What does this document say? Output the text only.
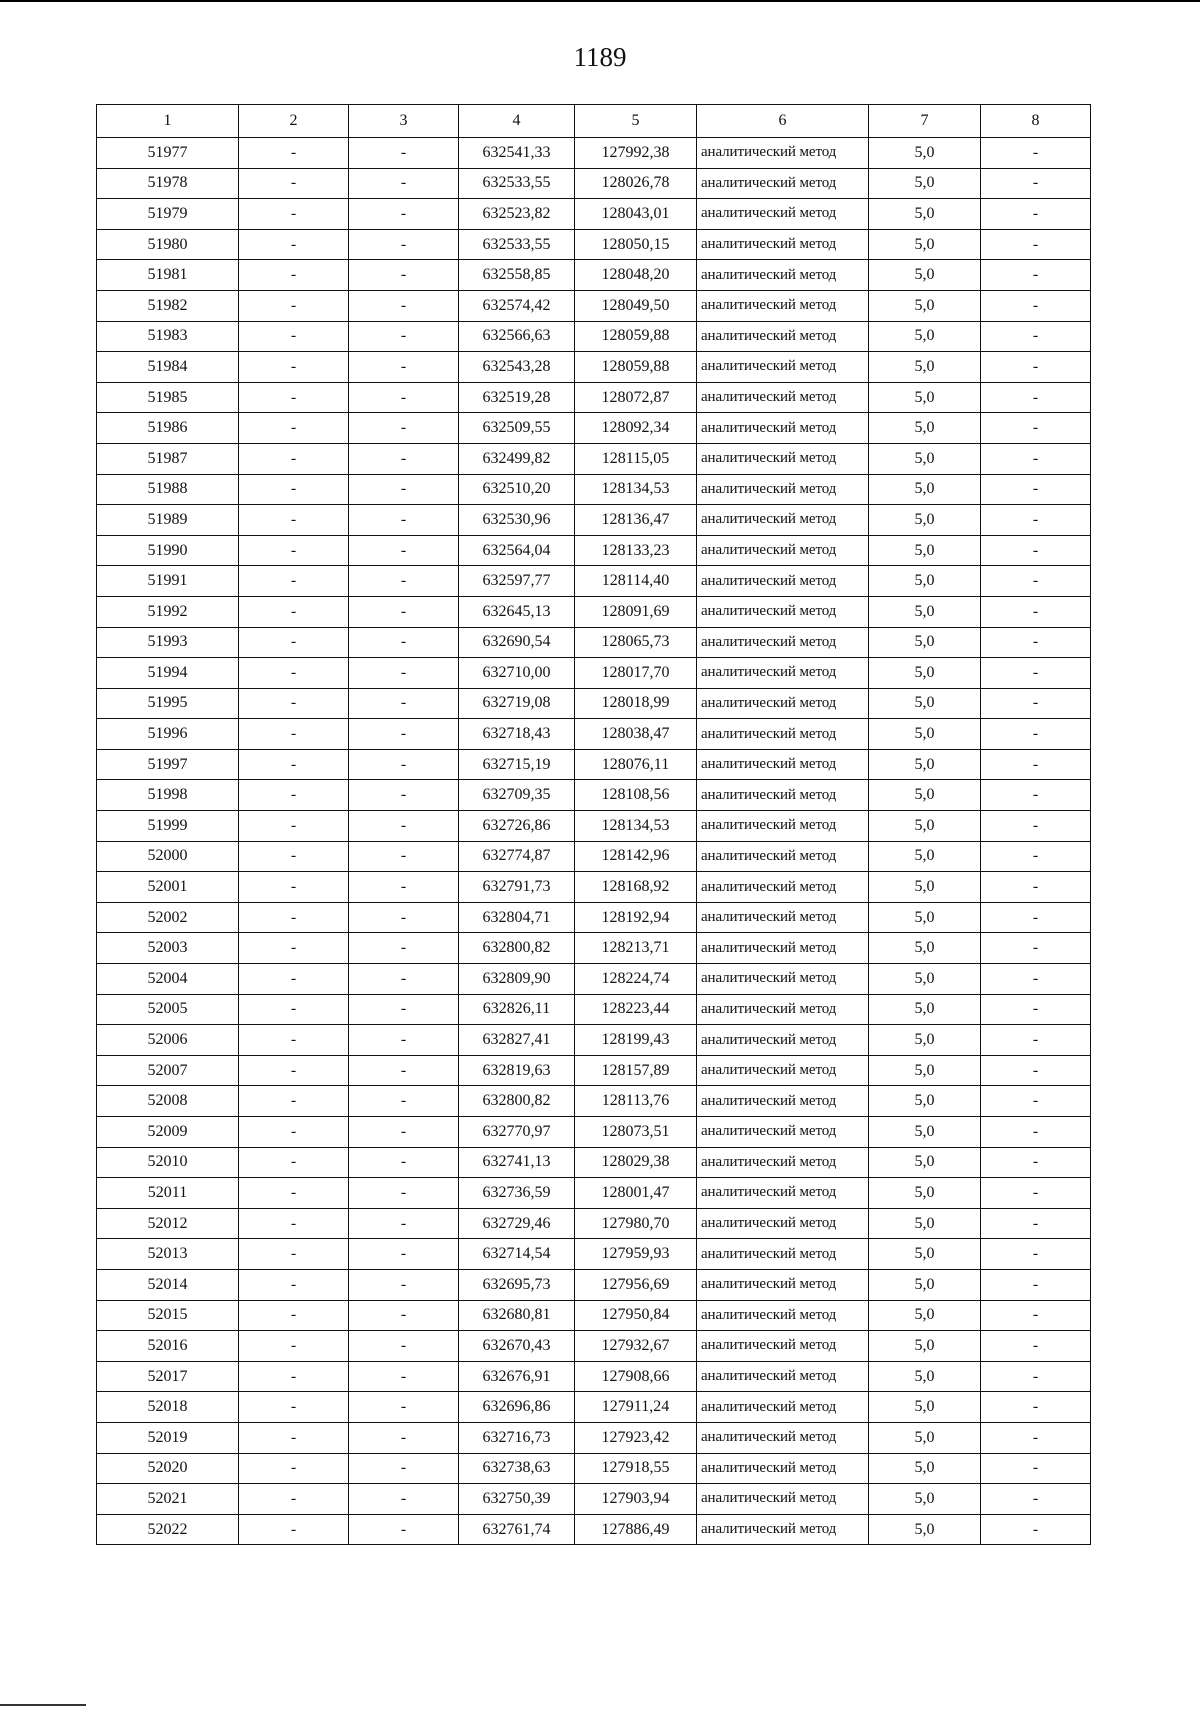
1189
1	2	3	4	5	6	7	8
51977	-	-	632541,33	127992,38	аналитический метод	5,0	-
51978	-	-	632533,55	128026,78	аналитический метод	5,0	-
51979	-	-	632523,82	128043,01	аналитический метод	5,0	-
51980	-	-	632533,55	128050,15	аналитический метод	5,0	-
51981	-	-	632558,85	128048,20	аналитический метод	5,0	-
51982	-	-	632574,42	128049,50	аналитический метод	5,0	-
51983	-	-	632566,63	128059,88	аналитический метод	5,0	-
51984	-	-	632543,28	128059,88	аналитический метод	5,0	-
51985	-	-	632519,28	128072,87	аналитический метод	5,0	-
51986	-	-	632509,55	128092,34	аналитический метод	5,0	-
51987	-	-	632499,82	128115,05	аналитический метод	5,0	-
51988	-	-	632510,20	128134,53	аналитический метод	5,0	-
51989	-	-	632530,96	128136,47	аналитический метод	5,0	-
51990	-	-	632564,04	128133,23	аналитический метод	5,0	-
51991	-	-	632597,77	128114,40	аналитический метод	5,0	-
51992	-	-	632645,13	128091,69	аналитический метод	5,0	-
51993	-	-	632690,54	128065,73	аналитический метод	5,0	-
51994	-	-	632710,00	128017,70	аналитический метод	5,0	-
51995	-	-	632719,08	128018,99	аналитический метод	5,0	-
51996	-	-	632718,43	128038,47	аналитический метод	5,0	-
51997	-	-	632715,19	128076,11	аналитический метод	5,0	-
51998	-	-	632709,35	128108,56	аналитический метод	5,0	-
51999	-	-	632726,86	128134,53	аналитический метод	5,0	-
52000	-	-	632774,87	128142,96	аналитический метод	5,0	-
52001	-	-	632791,73	128168,92	аналитический метод	5,0	-
52002	-	-	632804,71	128192,94	аналитический метод	5,0	-
52003	-	-	632800,82	128213,71	аналитический метод	5,0	-
52004	-	-	632809,90	128224,74	аналитический метод	5,0	-
52005	-	-	632826,11	128223,44	аналитический метод	5,0	-
52006	-	-	632827,41	128199,43	аналитический метод	5,0	-
52007	-	-	632819,63	128157,89	аналитический метод	5,0	-
52008	-	-	632800,82	128113,76	аналитический метод	5,0	-
52009	-	-	632770,97	128073,51	аналитический метод	5,0	-
52010	-	-	632741,13	128029,38	аналитический метод	5,0	-
52011	-	-	632736,59	128001,47	аналитический метод	5,0	-
52012	-	-	632729,46	127980,70	аналитический метод	5,0	-
52013	-	-	632714,54	127959,93	аналитический метод	5,0	-
52014	-	-	632695,73	127956,69	аналитический метод	5,0	-
52015	-	-	632680,81	127950,84	аналитический метод	5,0	-
52016	-	-	632670,43	127932,67	аналитический метод	5,0	-
52017	-	-	632676,91	127908,66	аналитический метод	5,0	-
52018	-	-	632696,86	127911,24	аналитический метод	5,0	-
52019	-	-	632716,73	127923,42	аналитический метод	5,0	-
52020	-	-	632738,63	127918,55	аналитический метод	5,0	-
52021	-	-	632750,39	127903,94	аналитический метод	5,0	-
52022	-	-	632761,74	127886,49	аналитический метод	5,0	-
